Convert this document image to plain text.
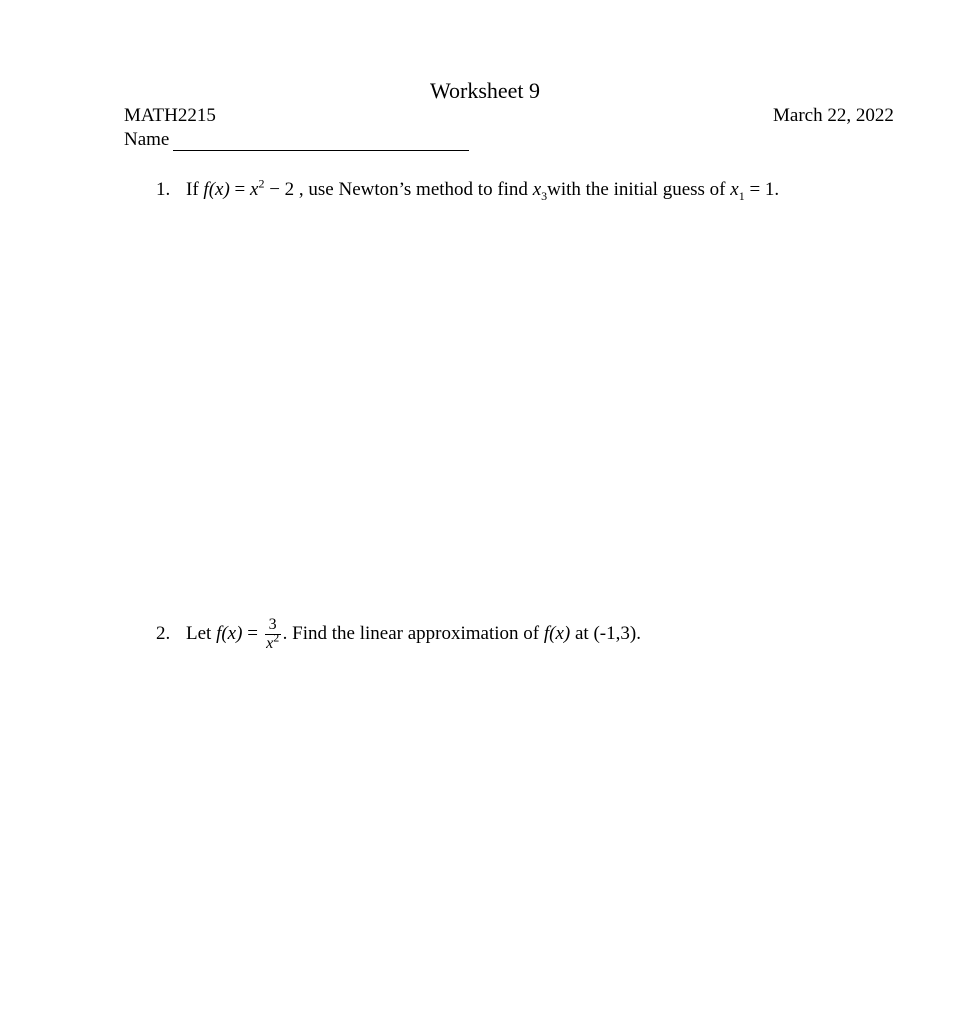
Worksheet 9
MATH2215	March 22, 2022
Name
1. If $f(x) = x^2 - 2$ , use Newton’s method to find $x_3with$ the initial guess of $x_1 = 1$.
2. Let $f(x) = \frac{3}{x^2}$ . Find the linear approximation of f(x) at (-1,3).
